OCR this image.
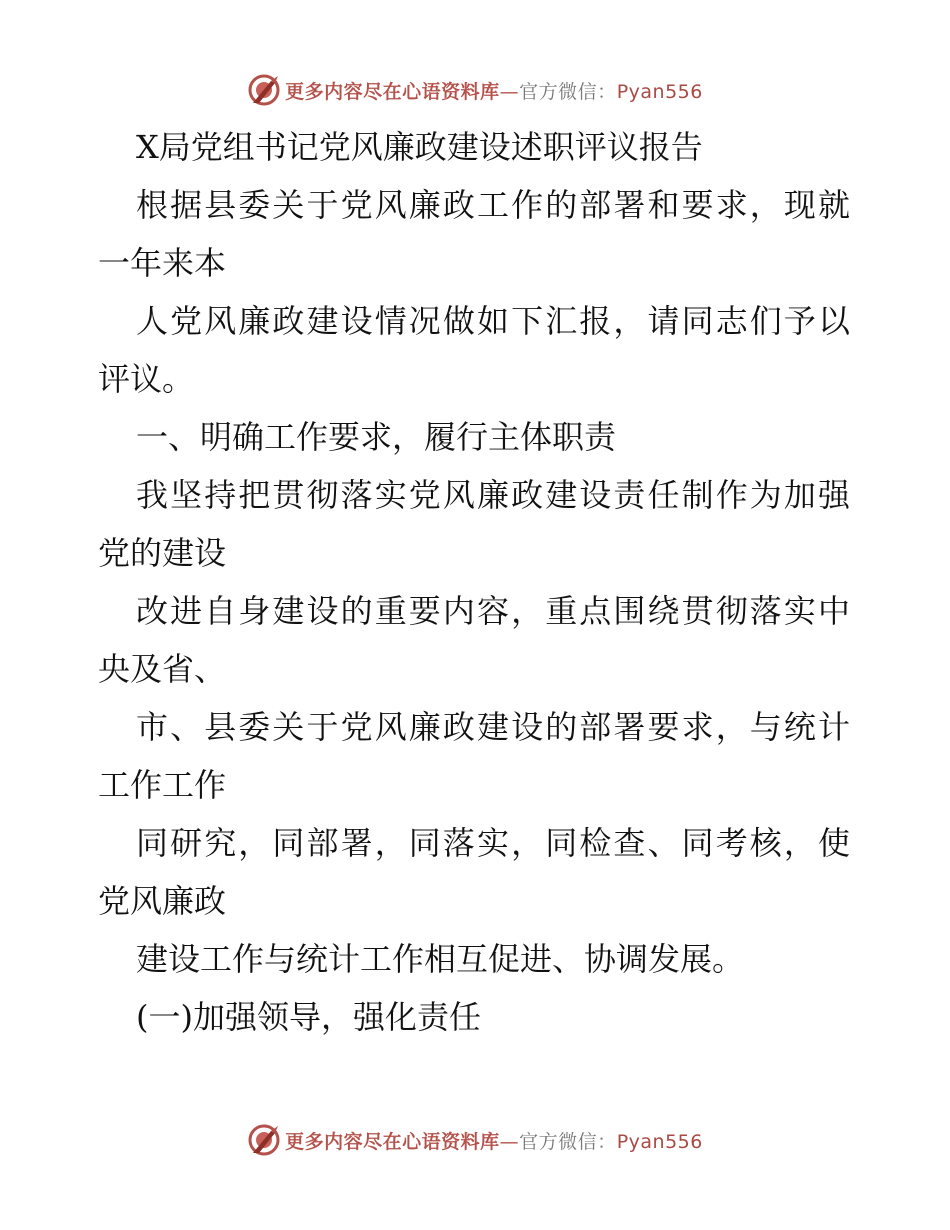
更多内容尽在心语资料库—官方微信：Pyan556
X局党组书记党风廉政建设述职评议报告
根据县委关于党风廉政工作的部署和要求，现就
一年来本
人党风廉政建设情况做如下汇报，请同志们予以
评议。
一、明确工作要求，履行主体职责
我坚持把贯彻落实党风廉政建设责任制作为加强
党的建设
改进自身建设的重要内容，重点围绕贯彻落实中
央及省、
市、县委关于党风廉政建设的部署要求，与统计
工作工作
同研究，同部署，同落实，同检查、同考核，使
党风廉政
建设工作与统计工作相互促进、协调发展。
(一)加强领导，强化责任
更多内容尽在心语资料库—官方微信：Pyan556
